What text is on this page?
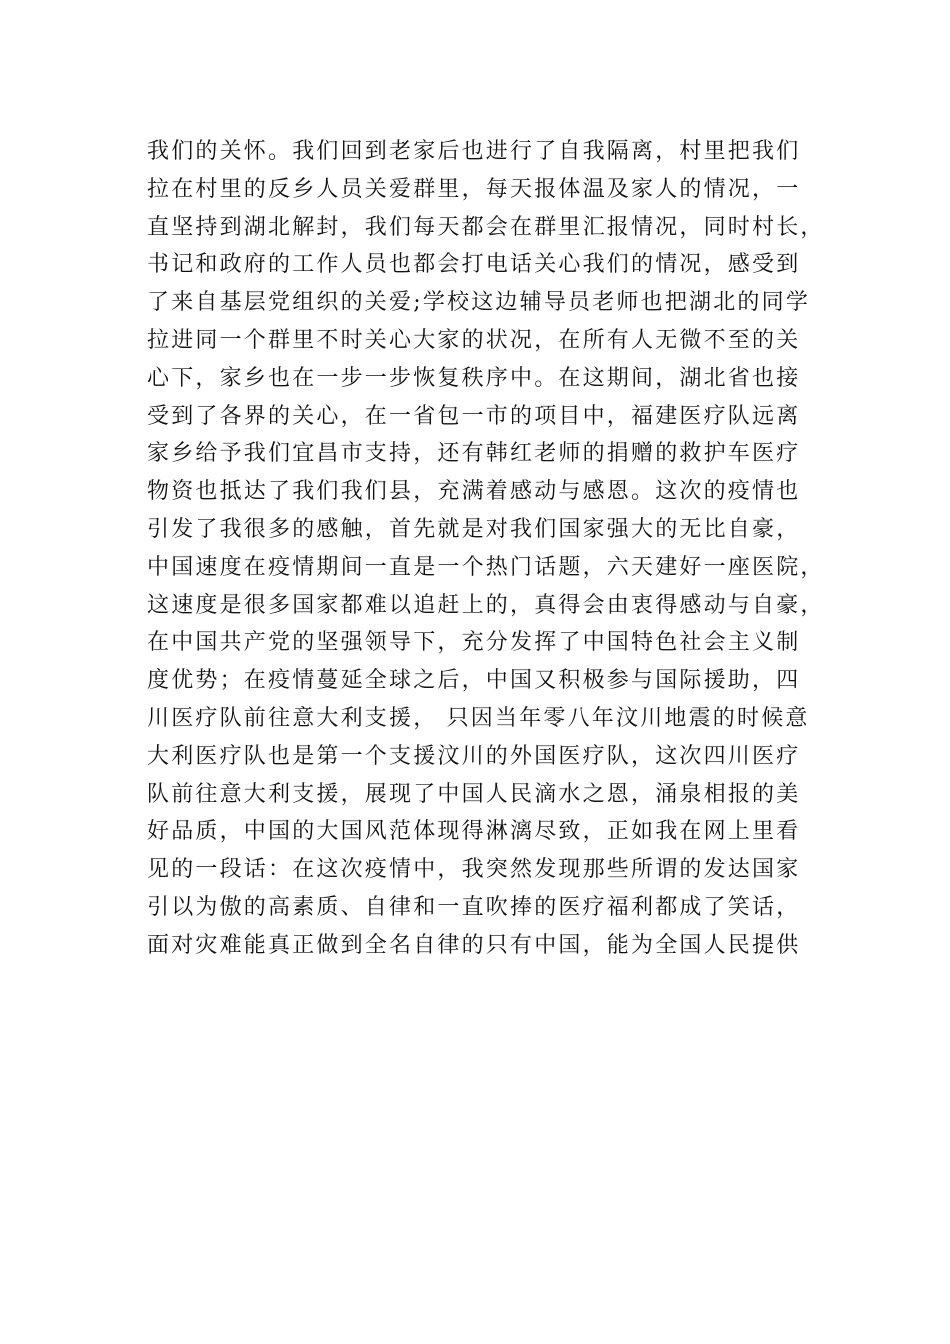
我们的关怀。我们回到老家后也进行了自我隔离，村里把我们
拉在村里的反乡人员关爱群里，每天报体温及家人的情况，一
直坚持到湖北解封，我们每天都会在群里汇报情况，同时村长，
书记和政府的工作人员也都会打电话关心我们的情况，感受到
了来自基层党组织的关爱;学校这边辅导员老师也把湖北的同学
拉进同一个群里不时关心大家的状况，在所有人无微不至的关
心下，家乡也在一步一步恢复秩序中。在这期间，湖北省也接
受到了各界的关心，在一省包一市的项目中，福建医疗队远离
家乡给予我们宜昌市支持，还有韩红老师的捐赠的救护车医疗
物资也抵达了我们我们县，充满着感动与感恩。这次的疫情也
引发了我很多的感触，首先就是对我们国家强大的无比自豪，
中国速度在疫情期间一直是一个热门话题，六天建好一座医院，
这速度是很多国家都难以追赶上的，真得会由衷得感动与自豪，
在中国共产党的坚强领导下，充分发挥了中国特色社会主义制
度优势；在疫情蔓延全球之后，中国又积极参与国际援助，四
川医疗队前往意大利支援， 只因当年零八年汶川地震的时候意
大利医疗队也是第一个支援汶川的外国医疗队，这次四川医疗
队前往意大利支援，展现了中国人民滴水之恩，涌泉相报的美
好品质，中国的大国风范体现得淋漓尽致，正如我在网上里看
见的一段话：在这次疫情中，我突然发现那些所谓的发达国家
引以为傲的高素质、自律和一直吹捧的医疗福利都成了笑话，
面对灾难能真正做到全名自律的只有中国，能为全国人民提供
